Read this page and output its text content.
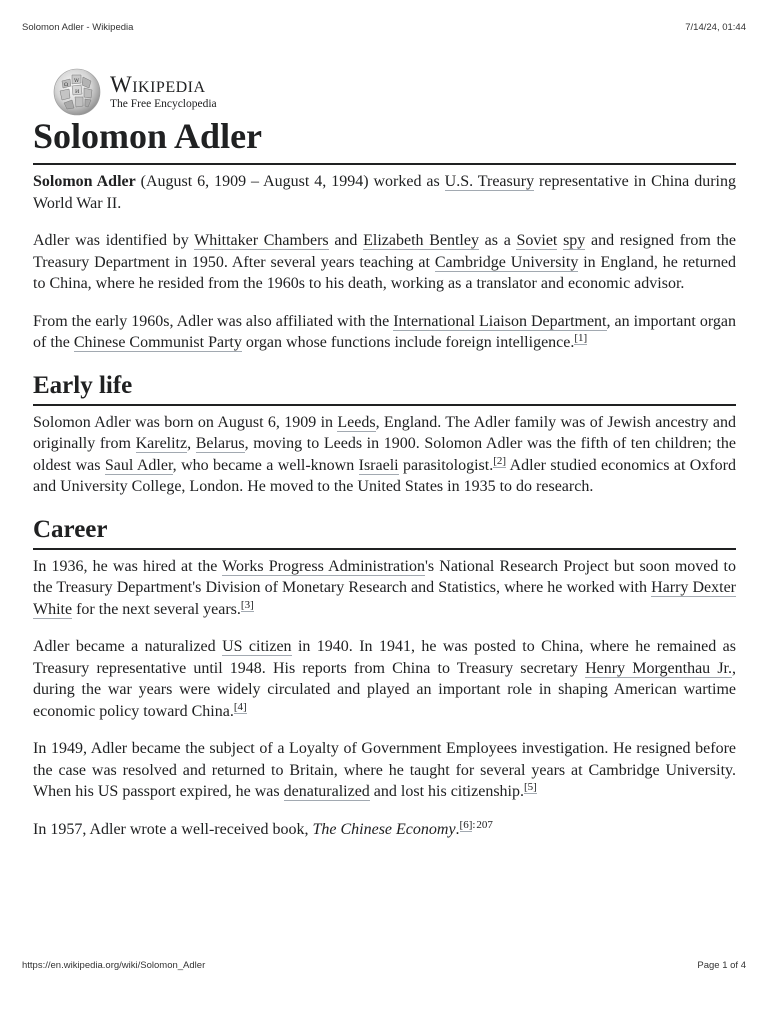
Solomon Adler - Wikipedia	7/14/24, 01:44
Ω
W
И Wikipedia
The Free Encyclopedia
Solomon Adler

Solomon Adler (August 6, 1909 – August 4, 1994) worked as U.S. Treasury representative in China during World War II.

Adler was identified by Whittaker Chambers and Elizabeth Bentley as a Soviet spy and resigned from the Treasury Department in 1950. After several years teaching at Cambridge University in England, he returned to China, where he resided from the 1960s to his death, working as a translator and economic advisor.

From the early 1960s, Adler was also affiliated with the International Liaison Department, an important organ of the Chinese Communist Party organ whose functions include foreign intelligence.[1]

Early life

Solomon Adler was born on August 6, 1909 in Leeds, England. The Adler family was of Jewish ancestry and originally from Karelitz, Belarus, moving to Leeds in 1900. Solomon Adler was the fifth of ten children; the oldest was Saul Adler, who became a well-known Israeli parasitologist.[2] Adler studied economics at Oxford and University College, London. He moved to the United States in 1935 to do research.

Career

In 1936, he was hired at the Works Progress Administration's National Research Project but soon moved to the Treasury Department's Division of Monetary Research and Statistics, where he worked with Harry Dexter White for the next several years.[3]

Adler became a naturalized US citizen in 1940. In 1941, he was posted to China, where he remained as Treasury representative until 1948. His reports from China to Treasury secretary Henry Morgenthau Jr., during the war years were widely circulated and played an important role in shaping American wartime economic policy toward China.[4]

In 1949, Adler became the subject of a Loyalty of Government Employees investigation. He resigned before the case was resolved and returned to Britain, where he taught for several years at Cambridge University. When his US passport expired, he was denaturalized and lost his citizenship.[5]

In 1957, Adler wrote a well-received book, The Chinese Economy.$^{[6]: 207}$

https://en.wikipedia.org/wiki/Solomon_Adler	Page 1 of 4
